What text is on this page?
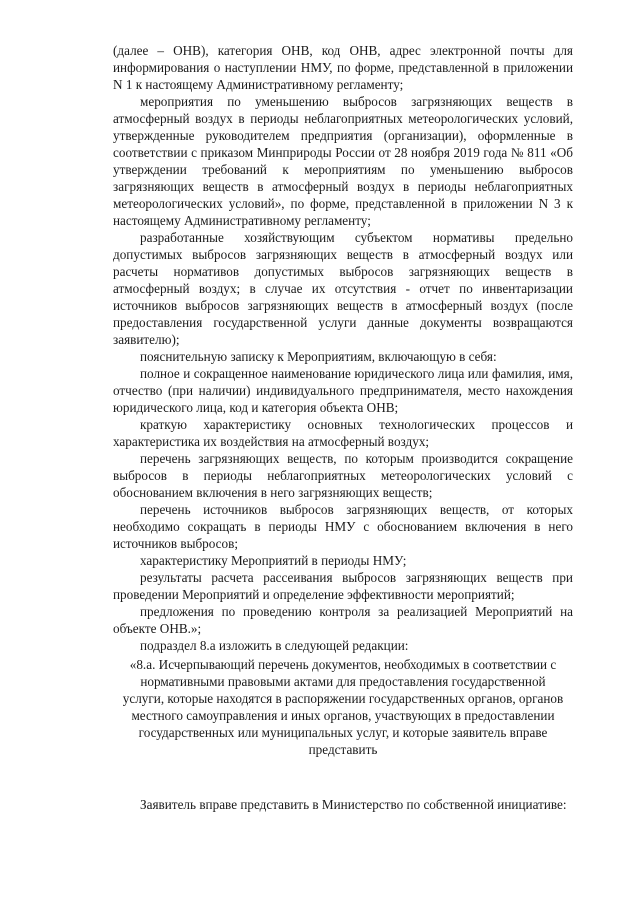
(далее – ОНВ), категория ОНВ, код ОНВ, адрес электронной почты для информирования о наступлении НМУ, по форме, представленной в приложении N 1 к настоящему Административному регламенту;

мероприятия по уменьшению выбросов загрязняющих веществ в атмосферный воздух в периоды неблагоприятных метеорологических условий, утвержденные руководителем предприятия (организации), оформленные в соответствии с приказом Минприроды России от 28 ноября 2019 года № 811 «Об утверждении требований к мероприятиям по уменьшению выбросов загрязняющих веществ в атмосферный воздух в периоды неблагоприятных метеорологических условий», по форме, представленной в приложении N 3 к настоящему Административному регламенту;

разработанные хозяйствующим субъектом нормативы предельно допустимых выбросов загрязняющих веществ в атмосферный воздух или расчеты нормативов допустимых выбросов загрязняющих веществ в атмосферный воздух; в случае их отсутствия - отчет по инвентаризации источников выбросов загрязняющих веществ в атмосферный воздух (после предоставления государственной услуги данные документы возвращаются заявителю);

пояснительную записку к Мероприятиям, включающую в себя:

полное и сокращенное наименование юридического лица или фамилия, имя, отчество (при наличии) индивидуального предпринимателя, место нахождения юридического лица, код и категория объекта ОНВ;

краткую характеристику основных технологических процессов и характеристика их воздействия на атмосферный воздух;

перечень загрязняющих веществ, по которым производится сокращение выбросов в периоды неблагоприятных метеорологических условий с обоснованием включения в него загрязняющих веществ;

перечень источников выбросов загрязняющих веществ, от которых необходимо сокращать в периоды НМУ с обоснованием включения в него источников выбросов;

характеристику Мероприятий в периоды НМУ;

результаты расчета рассеивания выбросов загрязняющих веществ при проведении Мероприятий и определение эффективности мероприятий;

предложения по проведению контроля за реализацией Мероприятий на объекте ОНВ.»;

подраздел 8.а изложить в следующей редакции:

«8.а. Исчерпывающий перечень документов, необходимых в соответствии с нормативными правовыми актами для предоставления государственной услуги, которые находятся в распоряжении государственных органов, органов местного самоуправления и иных органов, участвующих в предоставлении государственных или муниципальных услуг, и которые заявитель вправе представить

Заявитель вправе представить в Министерство по собственной инициативе:
